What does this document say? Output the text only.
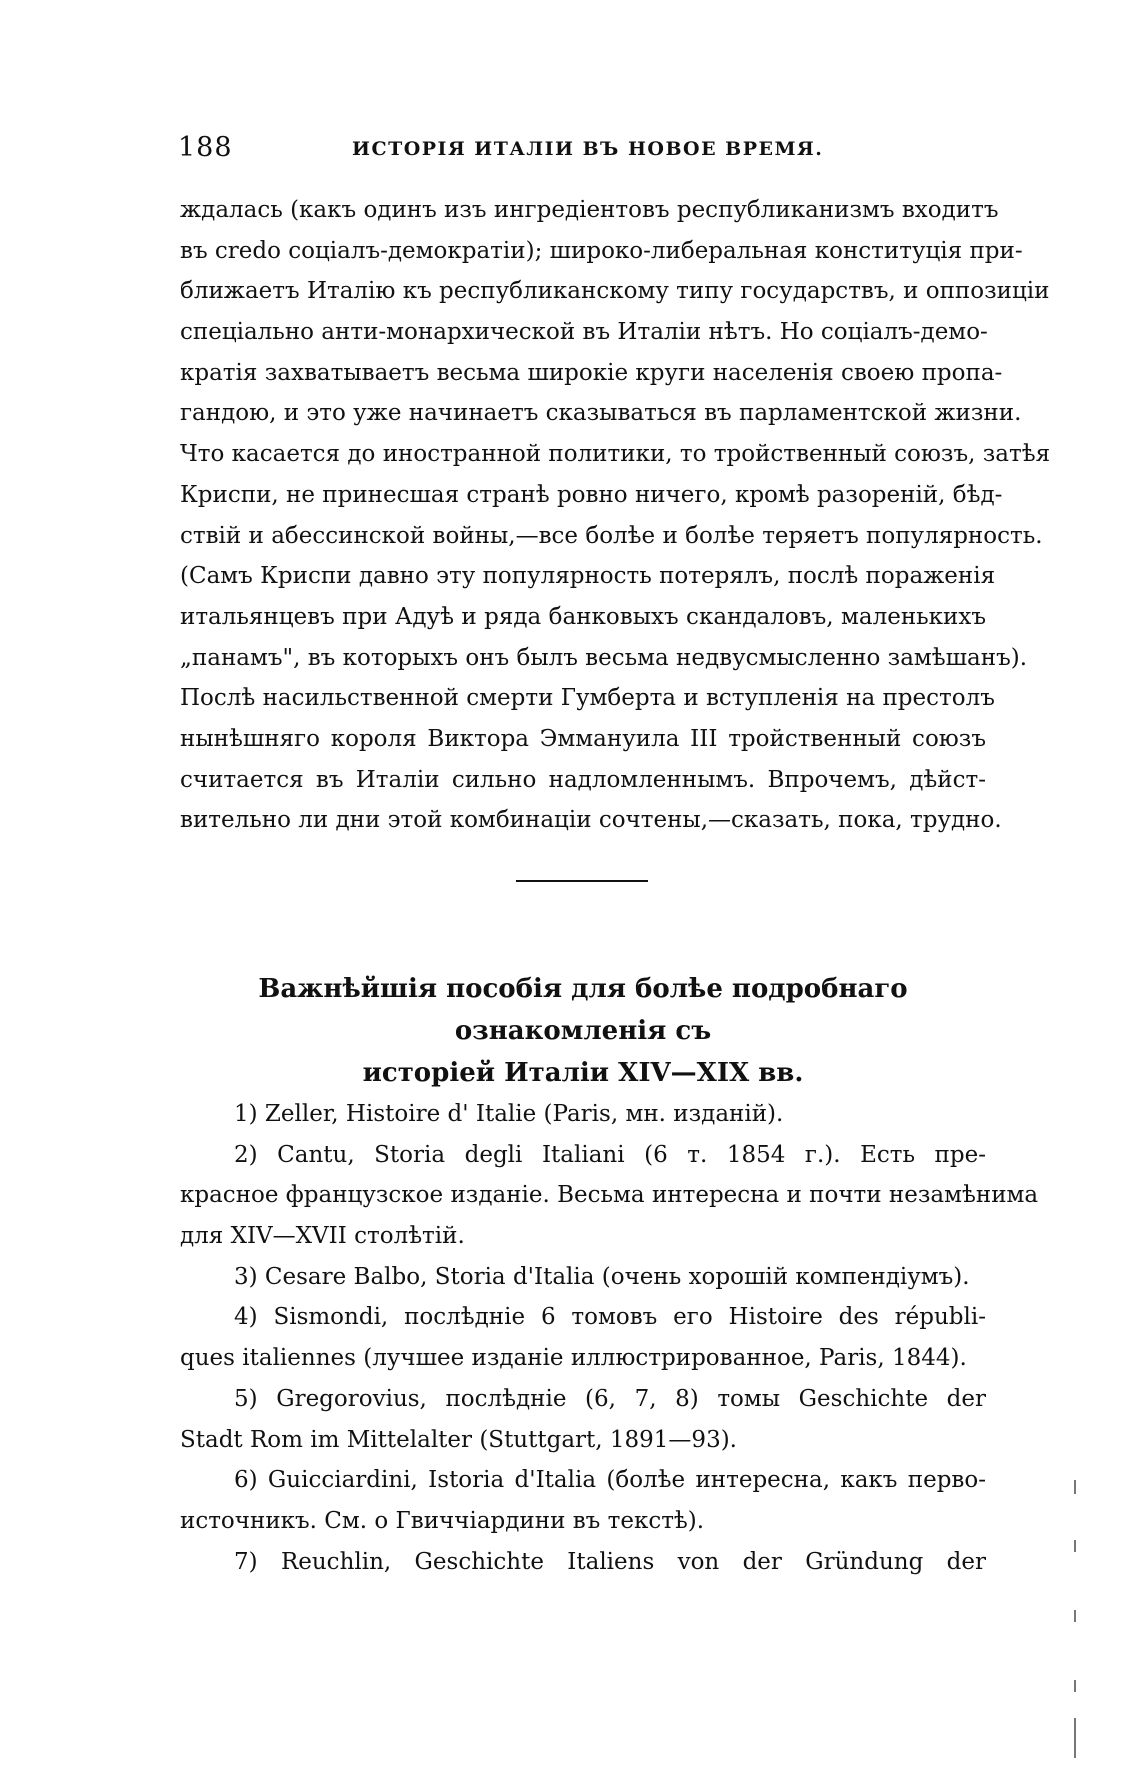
188	ИСТОРІЯ ИТАЛІИ ВЪ НОВОЕ ВРЕМЯ.
ждалась (какъ одинъ изъ ингредіентовъ республиканизмъ входитъ
въ credo соціалъ-демократіи); широко-либеральная конституція при-
ближаетъ Италію къ республиканскому типу государствъ, и оппозиціи
спеціально анти-монархической въ Италіи нѣтъ. Но соціалъ-демо-
кратія захватываетъ весьма широкіе круги населенія своею пропа-
гандою, и это уже начинаетъ сказываться въ парламентской жизни.
Что касается до иностранной политики, то тройственный союзъ, затѣя
Криспи, не принесшая странѣ ровно ничего, кромѣ разореній, бѣд-
ствій и абессинской войны,—все болѣе и болѣе теряетъ популярность.
(Самъ Криспи давно эту популярность потерялъ, послѣ пораженія
итальянцевъ при Адуѣ и ряда банковыхъ скандаловъ, маленькихъ
„панамъ", въ которыхъ онъ былъ весьма недвусмысленно замѣшанъ).
Послѣ насильственной смерти Гумберта и вступленія на престолъ
нынѣшняго короля Виктора Эммануила III тройственный союзъ
считается въ Италіи сильно надломленнымъ. Впрочемъ, дѣйст-
вительно ли дни этой комбинаціи сочтены,—сказать, пока, трудно.
Важнѣйшія пособія для болѣе подробнаго ознакомленія съ
исторіей Италіи XIV—XIX вв.
1) Zeller, Histoire d' Italie (Paris, мн. изданій).
2) Cantu, Storia degli Italiani (6 т. 1854 г.). Есть пре-
красное французское изданіе. Весьма интересна и почти незамѣнима
для XIV—XVII столѣтій.
3) Cesare Balbo, Storia d'Italia (очень хорошій компендіумъ).
4) Sismondi, послѣдніе 6 томовъ его Histoire des républi-
ques italiennes (лучшее изданіе иллюстрированное, Paris, 1844).
5) Gregorovius, послѣдніе (6, 7, 8) томы Geschichte der
Stadt Rom im Mittelalter (Stuttgart, 1891—93).
6) Guicciardini, Istoria d'Italia (болѣе интересна, какъ перво-
источникъ. См. о Гвиччіардини въ текстѣ).
7) Reuchlin, Geschichte Italiens von der Gründung der
